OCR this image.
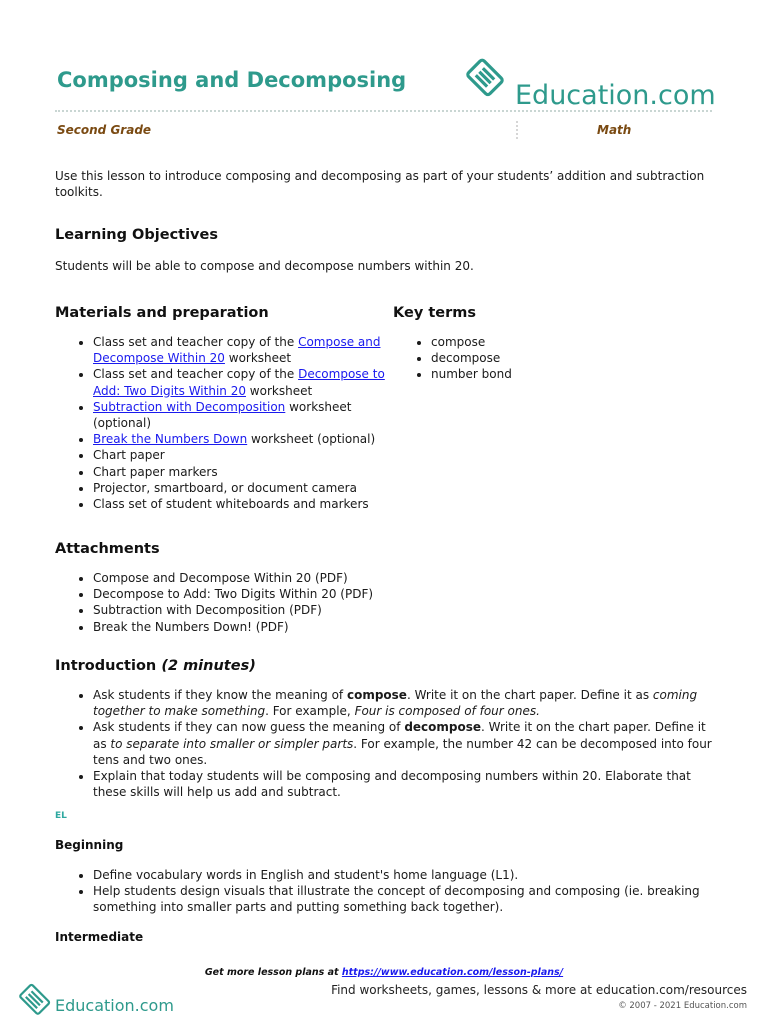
Composing and Decomposing	Education.com
Second Grade	Math
Use this lesson to introduce composing and decomposing as part of your students’ addition and subtraction toolkits.
Learning Objectives
Students will be able to compose and decompose numbers within 20.
Materials and preparation
• Class set and teacher copy of the Compose and Decompose Within 20 worksheet
• Class set and teacher copy of the Decompose to Add: Two Digits Within 20 worksheet
• Subtraction with Decomposition worksheet (optional)
• Break the Numbers Down worksheet (optional)
• Chart paper
• Chart paper markers
• Projector, smartboard, or document camera
• Class set of student whiteboards and markers
Key terms
• compose
• decompose
• number bond
Attachments
• Compose and Decompose Within 20 (PDF)
• Decompose to Add: Two Digits Within 20 (PDF)
• Subtraction with Decomposition (PDF)
• Break the Numbers Down! (PDF)
Introduction (2 minutes)
• Ask students if they know the meaning of compose. Write it on the chart paper. Define it as coming together to make something. For example, Four is composed of four ones.
• Ask students if they can now guess the meaning of decompose. Write it on the chart paper. Define it as to separate into smaller or simpler parts. For example, the number 42 can be decomposed into four tens and two ones.
• Explain that today students will be composing and decomposing numbers within 20. Elaborate that these skills will help us add and subtract.
EL
Beginning
• Define vocabulary words in English and student's home language (L1).
• Help students design visuals that illustrate the concept of decomposing and composing (ie. breaking something into smaller parts and putting something back together).
Intermediate
Get more lesson plans at https://www.education.com/lesson-plans/
Education.com
Find worksheets, games, lessons & more at education.com/resources
© 2007 - 2021 Education.com
